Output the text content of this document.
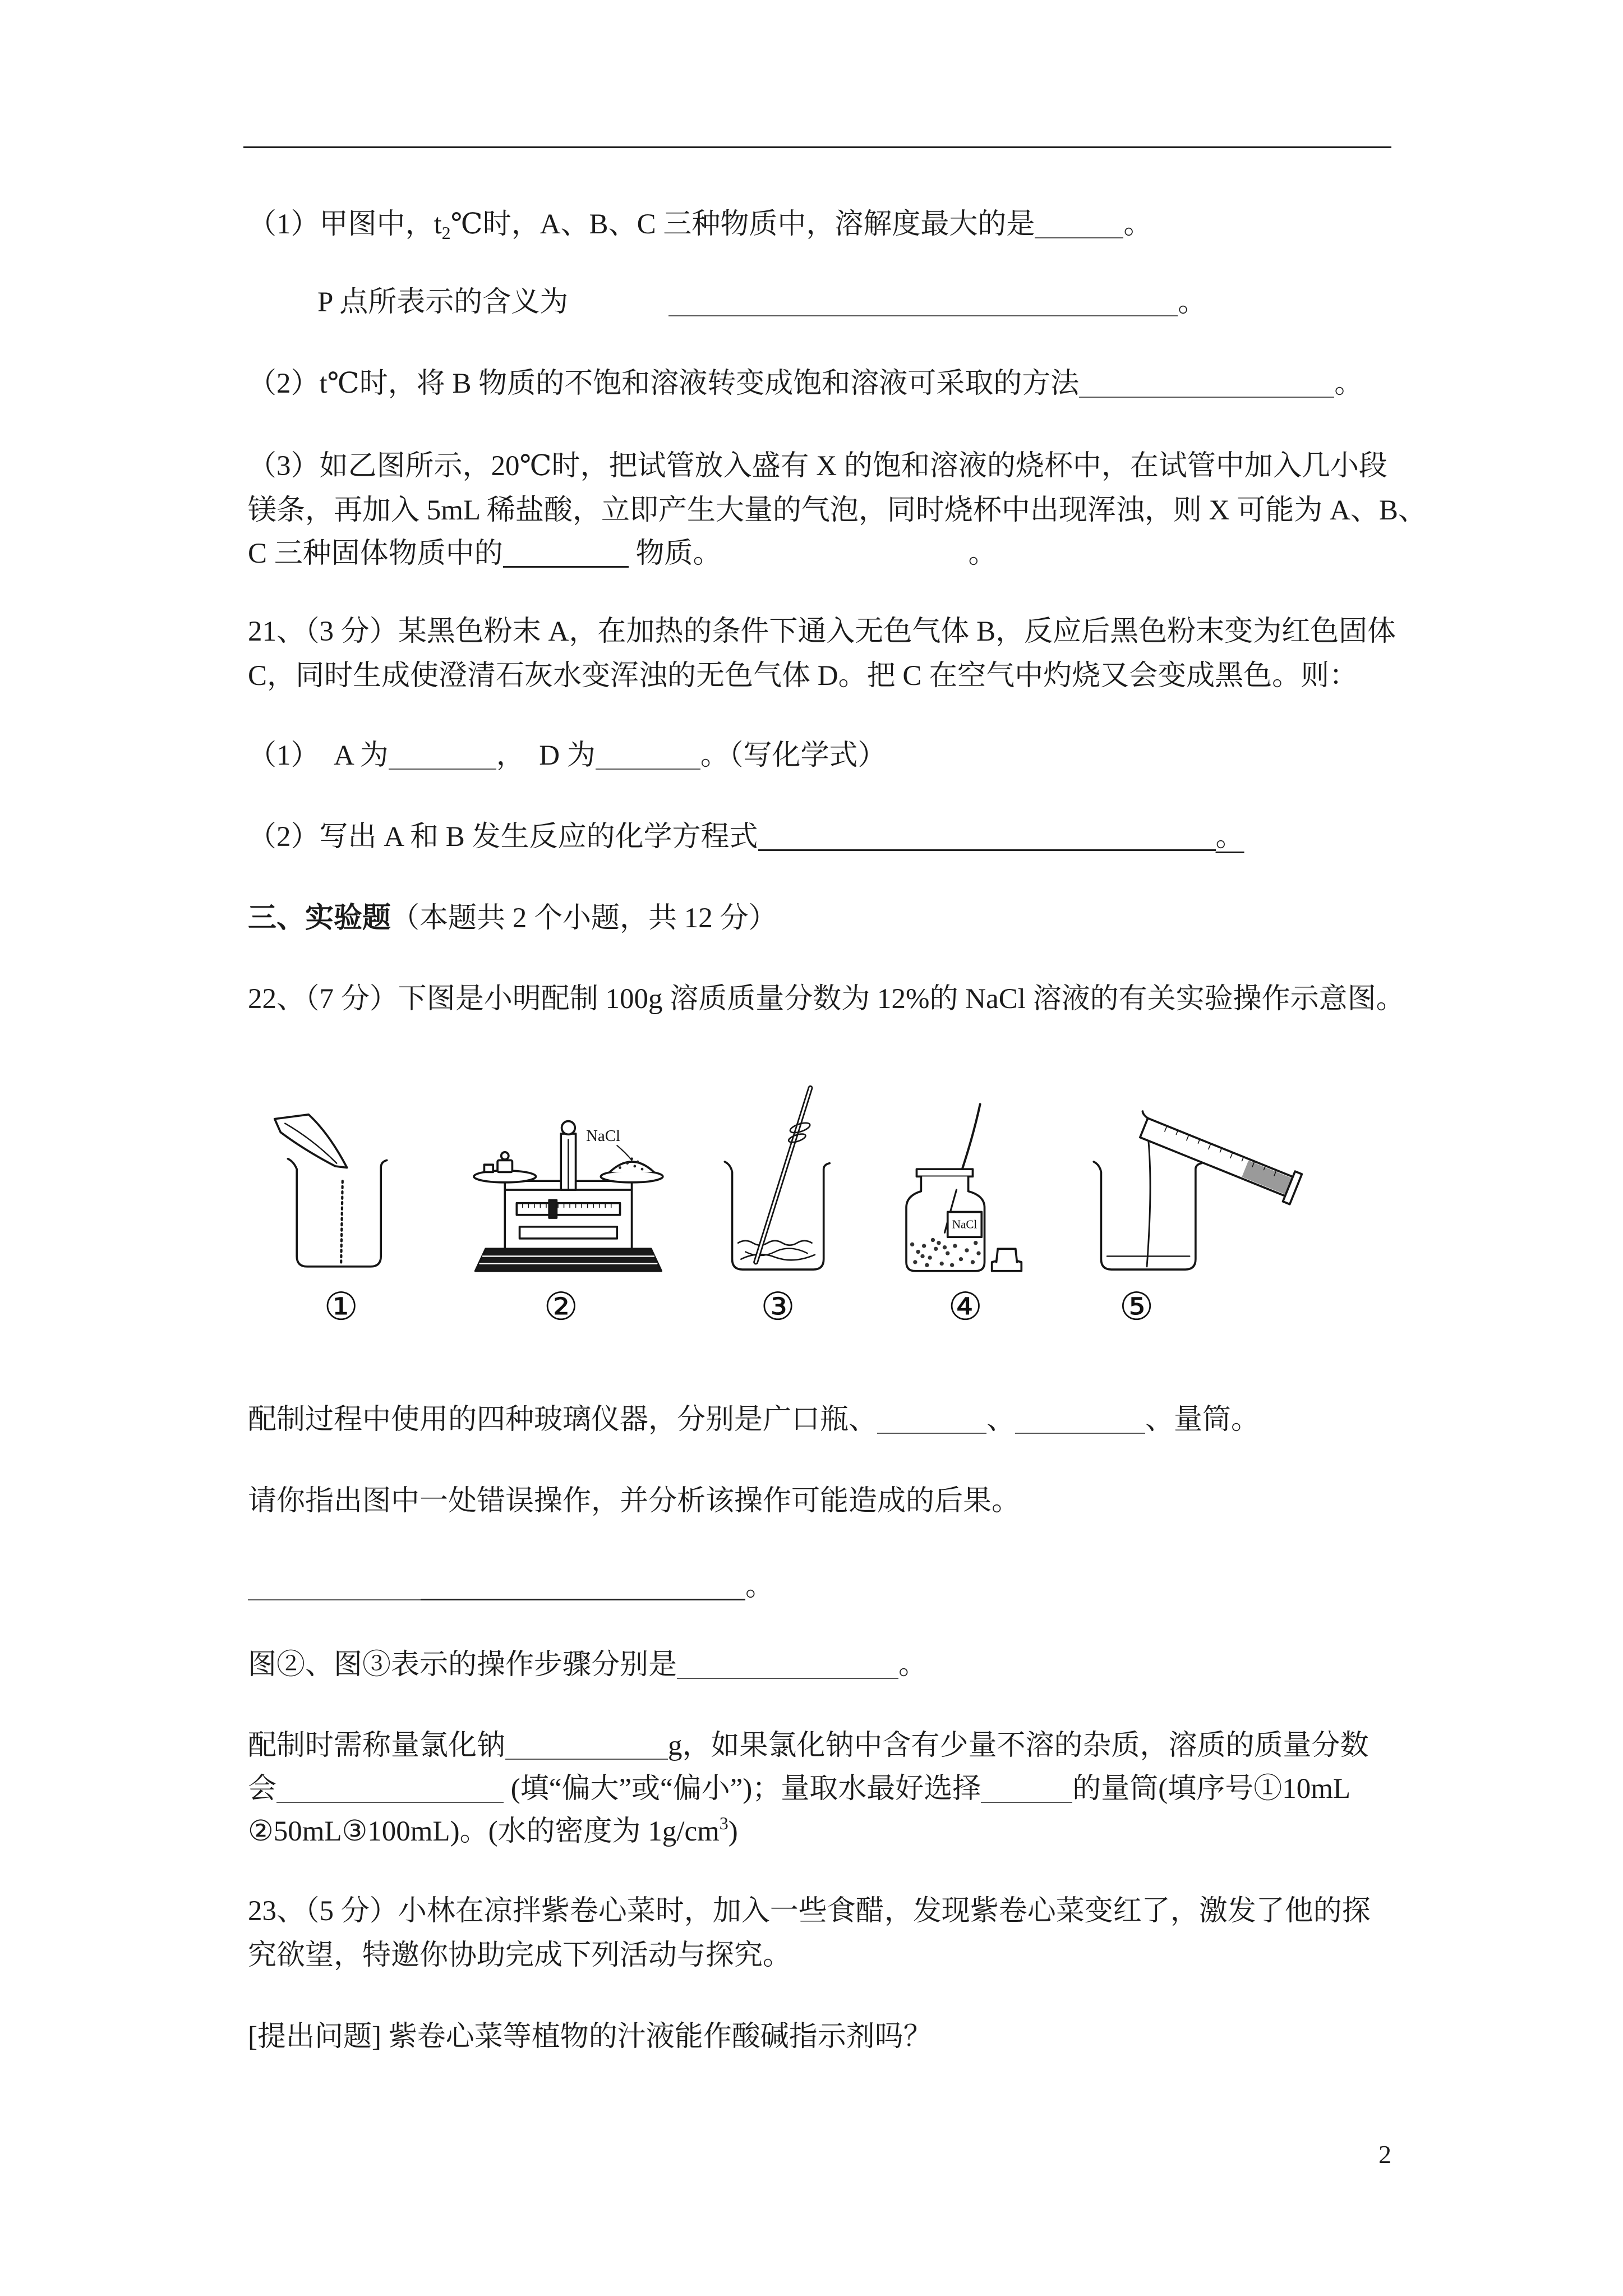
（1）甲图中，t2℃时，A、B、C 三种物质中，溶解度最大的是	。
P 点所表示的含义为	。
（2）t℃时，将 B 物质的不饱和溶液转变成饱和溶液可采取的方法	。
（3）如乙图所示，20℃时，把试管放入盛有 X 的饱和溶液的烧杯中，在试管中加入几小段
镁条，再加入 5mL 稀盐酸，立即产生大量的气泡，同时烧杯中出现浑浊，则 X 可能为 A、B、
C 三种固体物质中的	物质。	。
21、（3 分）某黑色粉末 A，在加热的条件下通入无色气体 B，反应后黑色粉末变为红色固体
C，同时生成使澄清石灰水变浑浊的无色气体 D。把 C 在空气中灼烧又会变成黑色。则：
（1）  A 为	，  D 为	。（写化学式）
（2）写出 A 和 B 发生反应的化学方程式	。
三、实验题（本题共 2 个小题，共 12 分）
22、（7 分）下图是小明配制 100g 溶质质量分数为 12%的 NaCl 溶液的有关实验操作示意图。
NaCl
NaCl
①	②	③	④	⑤
配制过程中使用的四种玻璃仪器，分别是广口瓶、	、	、量筒。
请你指出图中一处错误操作，并分析该操作可能造成的后果。
。
图②、图③表示的操作步骤分别是	。
配制时需称量氯化钠	g，如果氯化钠中含有少量不溶的杂质，溶质的质量分数
会	(填“偏大”或“偏小”)；量取水最好选择	的量筒(填序号①10mL
②50mL③100mL)。(水的密度为 $1g/cm^3$)
23、（5 分）小林在凉拌紫卷心菜时，加入一些食醋，发现紫卷心菜变红了，激发了他的探
究欲望，特邀你协助完成下列活动与探究。
[提出问题] 紫卷心菜等植物的汁液能作酸碱指示剂吗？
2
